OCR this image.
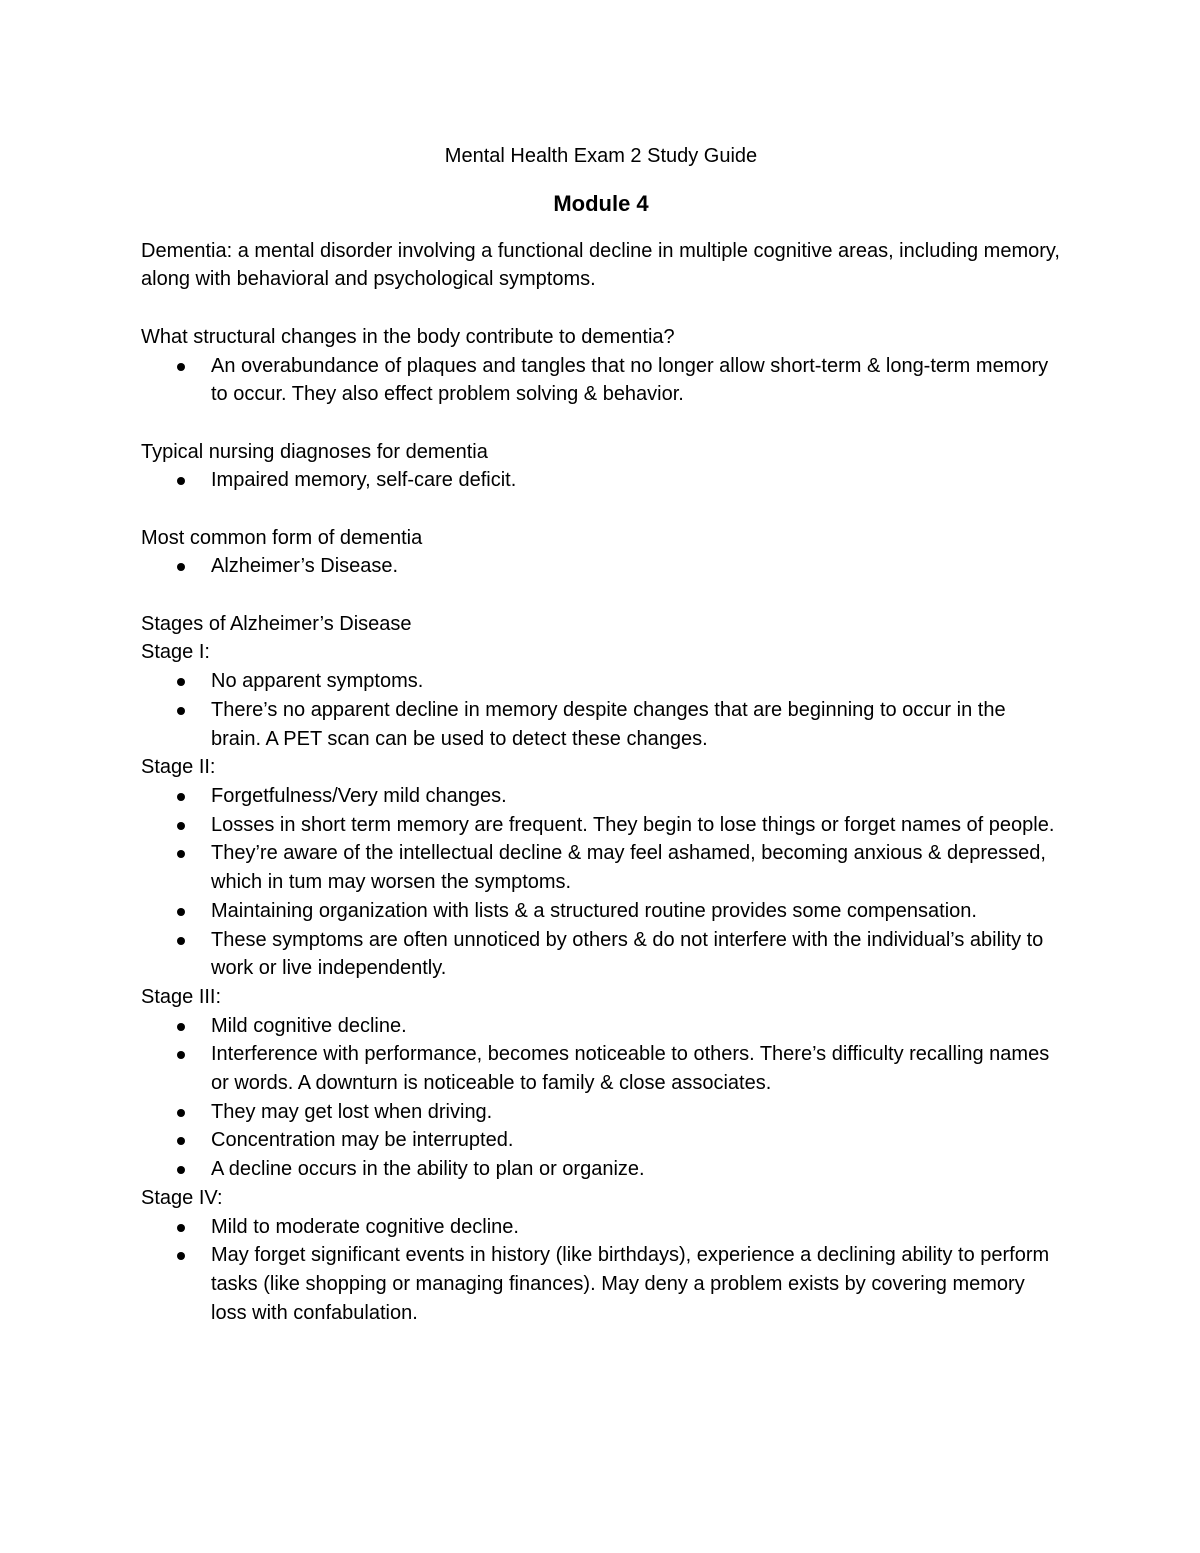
Mental Health Exam 2 Study Guide

Module 4

Dementia: a mental disorder involving a functional decline in multiple cognitive areas, including memory, along with behavioral and psychological symptoms.

What structural changes in the body contribute to dementia?

An overabundance of plaques and tangles that no longer allow short-term & long-term memory to occur. They also effect problem solving & behavior.

Typical nursing diagnoses for dementia

Impaired memory, self-care deficit.

Most common form of dementia

Alzheimer’s Disease.

Stages of Alzheimer’s Disease

Stage I:

No apparent symptoms.
There’s no apparent decline in memory despite changes that are beginning to occur in the brain. A PET scan can be used to detect these changes.

Stage II:

Forgetfulness/Very mild changes.
Losses in short term memory are frequent. They begin to lose things or forget names of people.
They’re aware of the intellectual decline & may feel ashamed, becoming anxious & depressed, which in tum may worsen the symptoms.
Maintaining organization with lists & a structured routine provides some compensation.
These symptoms are often unnoticed by others & do not interfere with the individual’s ability to work or live independently.

Stage III:

Mild cognitive decline.
Interference with performance, becomes noticeable to others. There’s difficulty recalling names or words. A downturn is noticeable to family & close associates.
They may get lost when driving.
Concentration may be interrupted.
A decline occurs in the ability to plan or organize.

Stage IV:

Mild to moderate cognitive decline.
May forget significant events in history (like birthdays), experience a declining ability to perform tasks (like shopping or managing finances). May deny a problem exists by covering memory loss with confabulation.
